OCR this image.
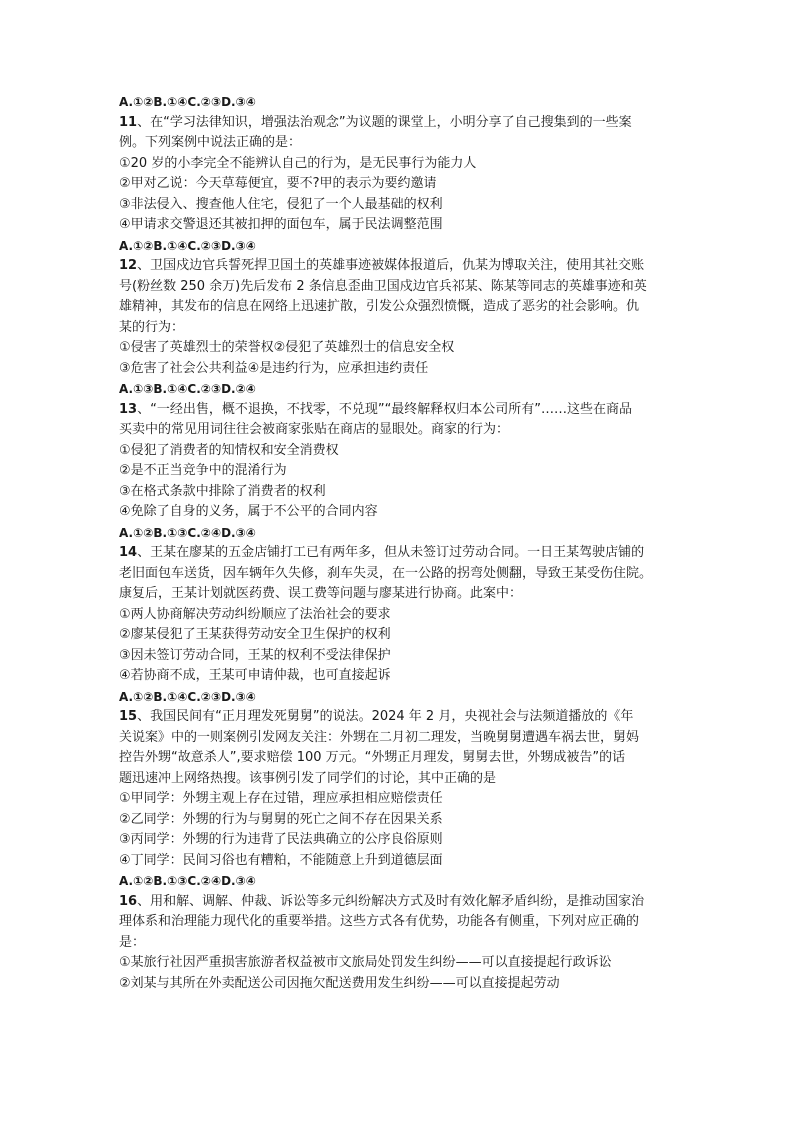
A.①②B.①④C.②③D.③④
11、在“学习法律知识，增强法治观念”为议题的课堂上，小明分享了自己搜集到的一些案
例。下列案例中说法正确的是：
①20 岁的小李完全不能辨认自己的行为，是无民事行为能力人
②甲对乙说：今天草莓便宜，要不?甲的表示为要约邀请
③非法侵入、搜查他人住宅，侵犯了一个人最基础的权利
④甲请求交警退还其被扣押的面包车，属于民法调整范围
A.①②B.①④C.②③D.③④
12、卫国戍边官兵誓死捍卫国土的英雄事迹被媒体报道后，仇某为博取关注，使用其社交账
号(粉丝数 250 余万)先后发布 2 条信息歪曲卫国戍边官兵祁某、陈某等同志的英雄事迹和英
雄精神，其发布的信息在网络上迅速扩散，引发公众强烈愤慨，造成了恶劣的社会影响。仇
某的行为：
①侵害了英雄烈士的荣誉权②侵犯了英雄烈士的信息安全权
③危害了社会公共利益④是违约行为，应承担违约责任
A.①③B.①④C.②③D.②④
13、“一经出售，概不退换，不找零，不兑现”“最终解释权归本公司所有”……这些在商品
买卖中的常见用词往往会被商家张贴在商店的显眼处。商家的行为：
①侵犯了消费者的知情权和安全消费权
②是不正当竞争中的混淆行为
③在格式条款中排除了消费者的权利
④免除了自身的义务，属于不公平的合同内容
A.①②B.①③C.②④D.③④
14、王某在廖某的五金店铺打工已有两年多，但从未签订过劳动合同。一日王某驾驶店铺的
老旧面包车送货，因车辆年久失修，刹车失灵，在一公路的拐弯处侧翻，导致王某受伤住院。
康复后，王某计划就医药费、误工费等问题与廖某进行协商。此案中：
①两人协商解决劳动纠纷顺应了法治社会的要求
②廖某侵犯了王某获得劳动安全卫生保护的权利
③因未签订劳动合同，王某的权利不受法律保护
④若协商不成，王某可申请仲裁，也可直接起诉
A.①②B.①④C.②③D.③④
15、我国民间有“正月理发死舅舅”的说法。2024 年 2 月，央视社会与法频道播放的《年
关说案》中的一则案例引发网友关注：外甥在二月初二理发，当晚舅舅遭遇车祸去世，舅妈
控告外甥“故意杀人”,要求赔偿 100 万元。“外甥正月理发，舅舅去世，外甥成被告”的话
题迅速冲上网络热搜。该事例引发了同学们的讨论，其中正确的是
①甲同学：外甥主观上存在过错，理应承担相应赔偿责任
②乙同学：外甥的行为与舅舅的死亡之间不存在因果关系
③丙同学：外甥的行为违背了民法典确立的公序良俗原则
④丁同学：民间习俗也有糟粕，不能随意上升到道德层面
A.①②B.①③C.②④D.③④
16、用和解、调解、仲裁、诉讼等多元纠纷解决方式及时有效化解矛盾纠纷，是推动国家治
理体系和治理能力现代化的重要举措。这些方式各有优势，功能各有侧重，下列对应正确的
是：
①某旅行社因严重损害旅游者权益被市文旅局处罚发生纠纷——可以直接提起行政诉讼
②刘某与其所在外卖配送公司因拖欠配送费用发生纠纷——可以直接提起劳动
